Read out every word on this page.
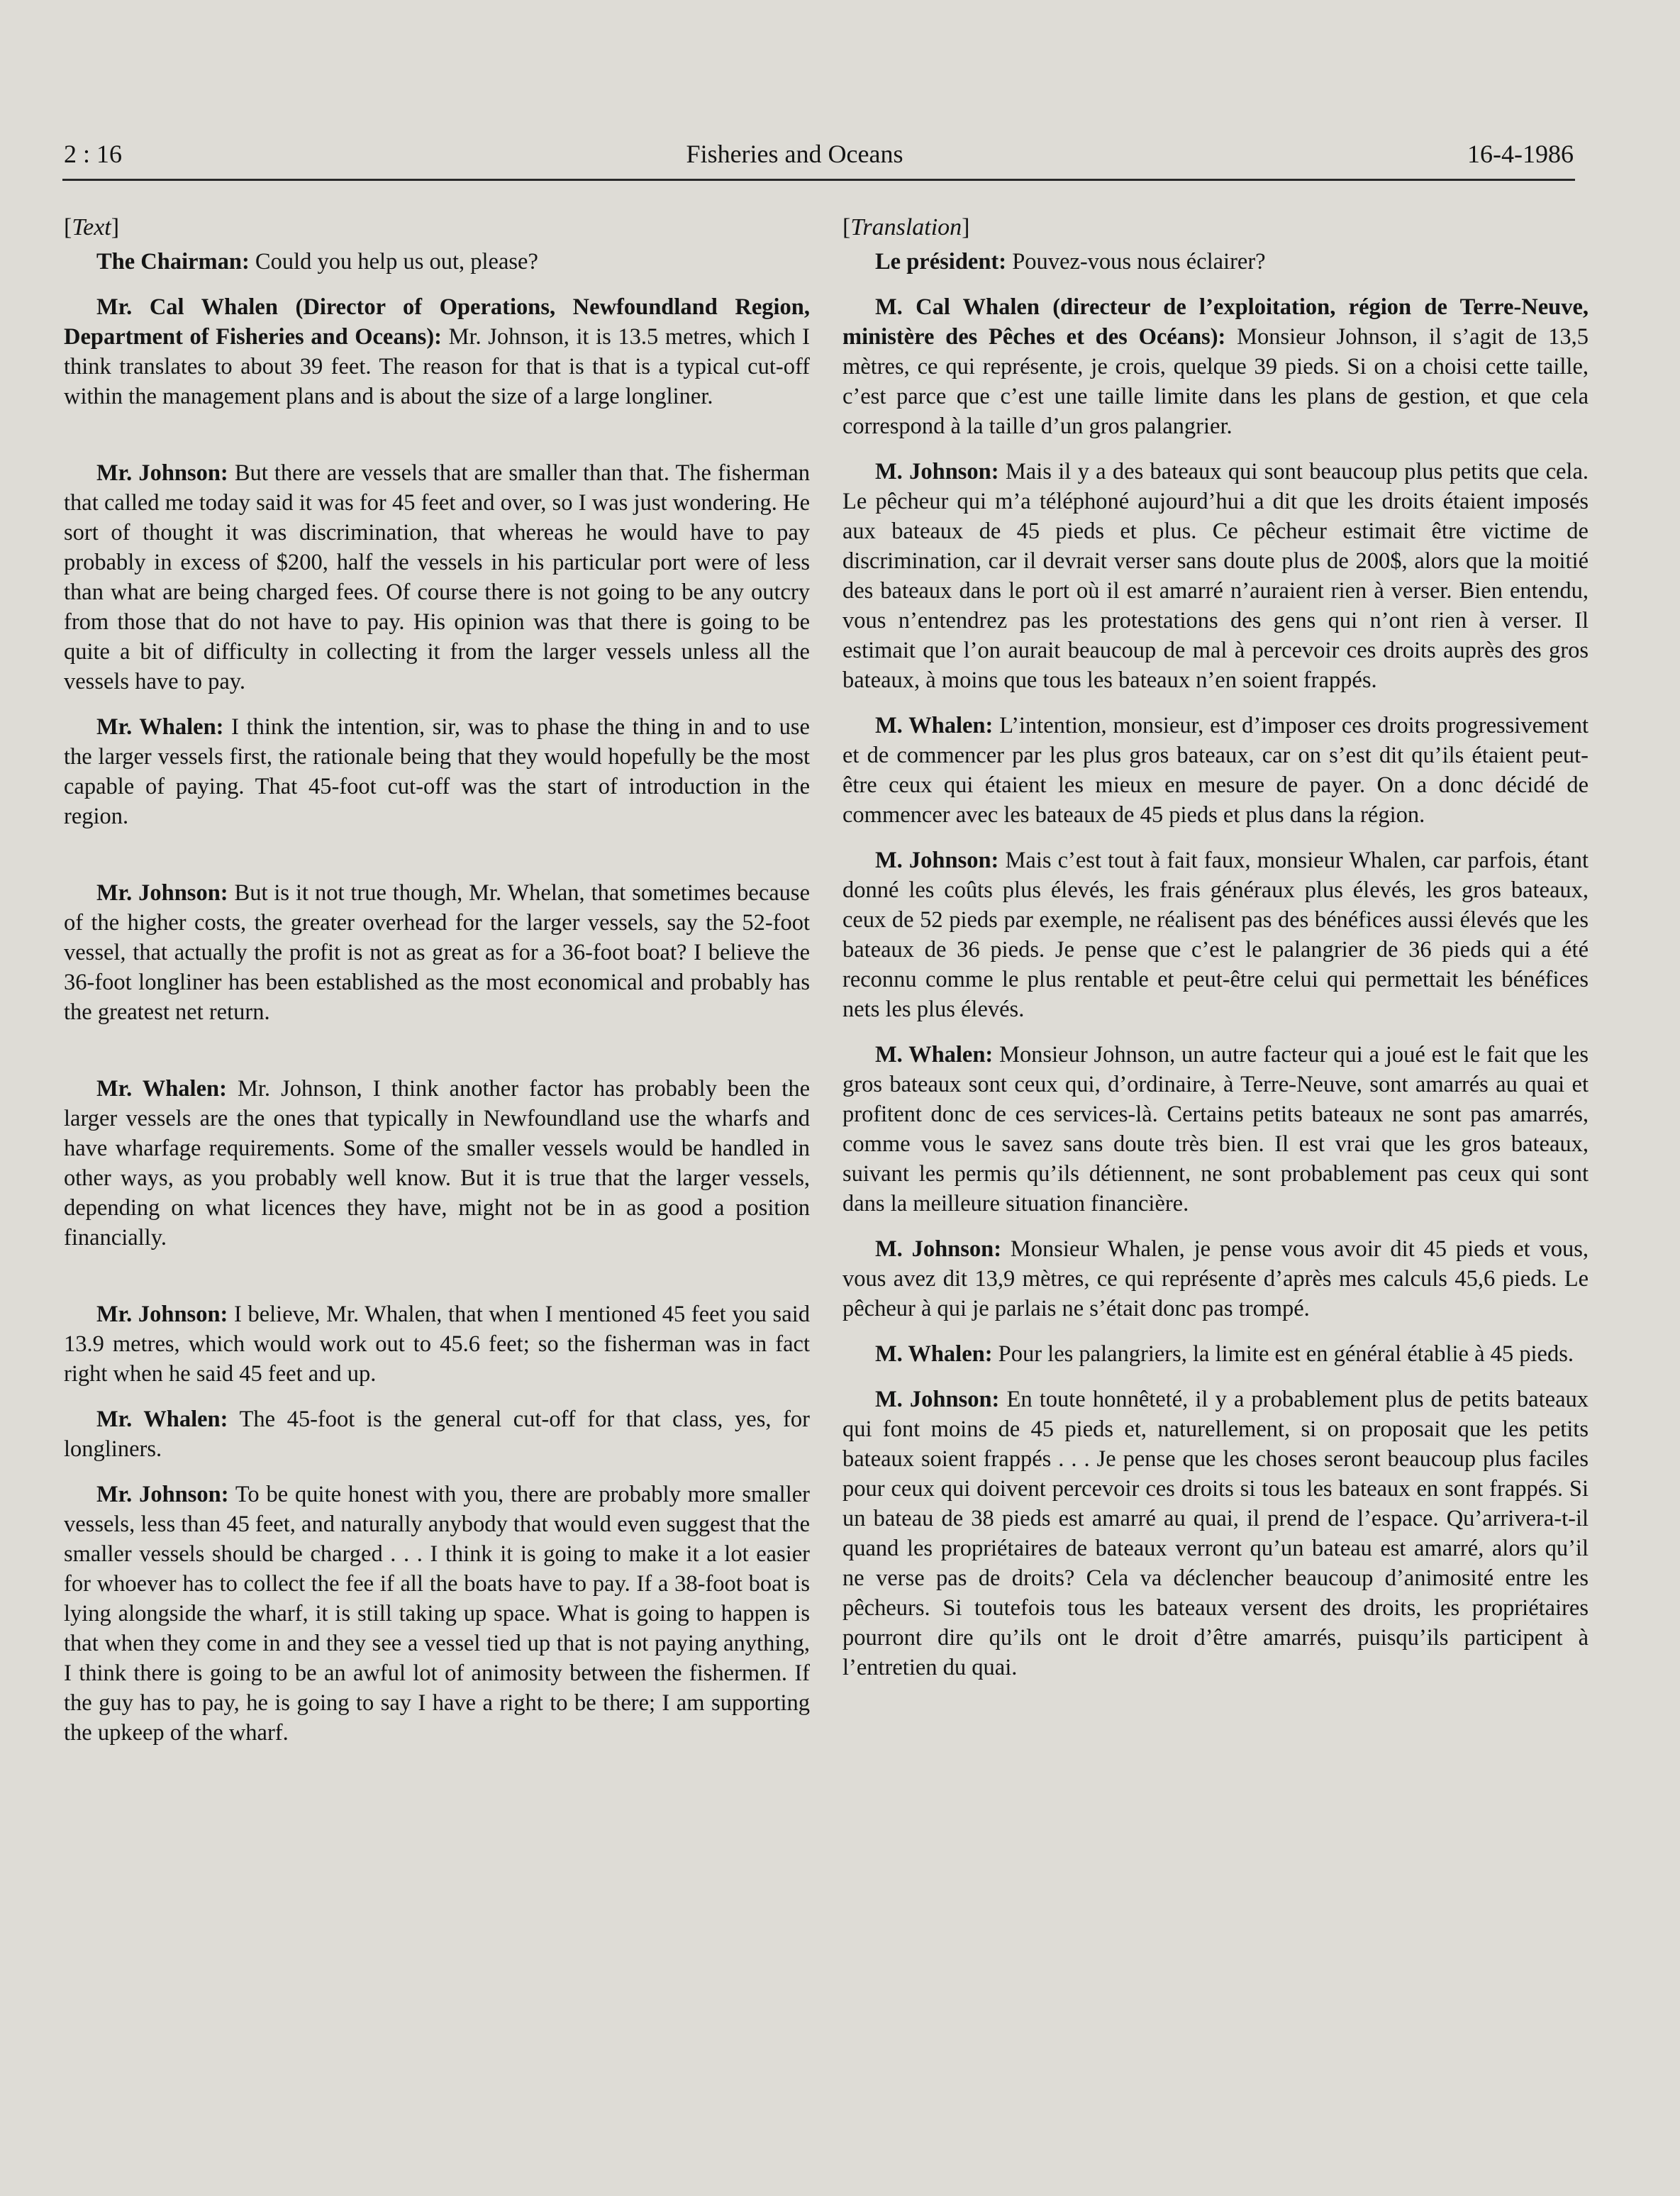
2 : 16	Fisheries and Oceans	16-4-1986
[Text]

The Chairman: Could you help us out, please?

Mr. Cal Whalen (Director of Operations, Newfoundland Region, Department of Fisheries and Oceans): Mr. Johnson, it is 13.5 metres, which I think translates to about 39 feet. The reason for that is that is a typical cut-off within the management plans and is about the size of a large longliner.

Mr. Johnson: But there are vessels that are smaller than that. The fisherman that called me today said it was for 45 feet and over, so I was just wondering. He sort of thought it was discrimination, that whereas he would have to pay probably in excess of $200, half the vessels in his particular port were of less than what are being charged fees. Of course there is not going to be any outcry from those that do not have to pay. His opinion was that there is going to be quite a bit of difficulty in collecting it from the larger vessels unless all the vessels have to pay.

Mr. Whalen: I think the intention, sir, was to phase the thing in and to use the larger vessels first, the rationale being that they would hopefully be the most capable of paying. That 45-foot cut-off was the start of introduction in the region.

Mr. Johnson: But is it not true though, Mr. Whelan, that sometimes because of the higher costs, the greater overhead for the larger vessels, say the 52-foot vessel, that actually the profit is not as great as for a 36-foot boat? I believe the 36-foot longliner has been established as the most economical and probably has the greatest net return.

Mr. Whalen: Mr. Johnson, I think another factor has probably been the larger vessels are the ones that typically in Newfoundland use the wharfs and have wharfage requirements. Some of the smaller vessels would be handled in other ways, as you probably well know. But it is true that the larger vessels, depending on what licences they have, might not be in as good a position financially.

Mr. Johnson: I believe, Mr. Whalen, that when I mentioned 45 feet you said 13.9 metres, which would work out to 45.6 feet; so the fisherman was in fact right when he said 45 feet and up.

Mr. Whalen: The 45-foot is the general cut-off for that class, yes, for longliners.

Mr. Johnson: To be quite honest with you, there are probably more smaller vessels, less than 45 feet, and naturally anybody that would even suggest that the smaller vessels should be charged . . . I think it is going to make it a lot easier for whoever has to collect the fee if all the boats have to pay. If a 38-foot boat is lying alongside the wharf, it is still taking up space. What is going to happen is that when they come in and they see a vessel tied up that is not paying anything, I think there is going to be an awful lot of animosity between the fishermen. If the guy has to pay, he is going to say I have a right to be there; I am supporting the upkeep of the wharf.

[Translation]

Le président: Pouvez-vous nous éclairer?

M. Cal Whalen (directeur de l’exploitation, région de Terre-Neuve, ministère des Pêches et des Océans): Monsieur Johnson, il s’agit de 13,5 mètres, ce qui représente, je crois, quelque 39 pieds. Si on a choisi cette taille, c’est parce que c’est une taille limite dans les plans de gestion, et que cela correspond à la taille d’un gros palangrier.

M. Johnson: Mais il y a des bateaux qui sont beaucoup plus petits que cela. Le pêcheur qui m’a téléphoné aujourd’hui a dit que les droits étaient imposés aux bateaux de 45 pieds et plus. Ce pêcheur estimait être victime de discrimination, car il devrait verser sans doute plus de 200$, alors que la moitié des bateaux dans le port où il est amarré n’auraient rien à verser. Bien entendu, vous n’entendrez pas les protestations des gens qui n’ont rien à verser. Il estimait que l’on aurait beaucoup de mal à percevoir ces droits auprès des gros bateaux, à moins que tous les bateaux n’en soient frappés.

M. Whalen: L’intention, monsieur, est d’imposer ces droits progressivement et de commencer par les plus gros bateaux, car on s’est dit qu’ils étaient peut-être ceux qui étaient les mieux en mesure de payer. On a donc décidé de commencer avec les bateaux de 45 pieds et plus dans la région.

M. Johnson: Mais c’est tout à fait faux, monsieur Whalen, car parfois, étant donné les coûts plus élevés, les frais généraux plus élevés, les gros bateaux, ceux de 52 pieds par exemple, ne réalisent pas des bénéfices aussi élevés que les bateaux de 36 pieds. Je pense que c’est le palangrier de 36 pieds qui a été reconnu comme le plus rentable et peut-être celui qui permettait les bénéfices nets les plus élevés.

M. Whalen: Monsieur Johnson, un autre facteur qui a joué est le fait que les gros bateaux sont ceux qui, d’ordinaire, à Terre-Neuve, sont amarrés au quai et profitent donc de ces services-là. Certains petits bateaux ne sont pas amarrés, comme vous le savez sans doute très bien. Il est vrai que les gros bateaux, suivant les permis qu’ils détiennent, ne sont probablement pas ceux qui sont dans la meilleure situation financière.

M. Johnson: Monsieur Whalen, je pense vous avoir dit 45 pieds et vous, vous avez dit 13,9 mètres, ce qui représente d’après mes calculs 45,6 pieds. Le pêcheur à qui je parlais ne s’était donc pas trompé.

M. Whalen: Pour les palangriers, la limite est en général établie à 45 pieds.

M. Johnson: En toute honnêteté, il y a probablement plus de petits bateaux qui font moins de 45 pieds et, naturellement, si on proposait que les petits bateaux soient frappés . . . Je pense que les choses seront beaucoup plus faciles pour ceux qui doivent percevoir ces droits si tous les bateaux en sont frappés. Si un bateau de 38 pieds est amarré au quai, il prend de l’espace. Qu’arrivera-t-il quand les propriétaires de bateaux verront qu’un bateau est amarré, alors qu’il ne verse pas de droits? Cela va déclencher beaucoup d’animosité entre les pêcheurs. Si toutefois tous les bateaux versent des droits, les propriétaires pourront dire qu’ils ont le droit d’être amarrés, puisqu’ils participent à l’entretien du quai.
